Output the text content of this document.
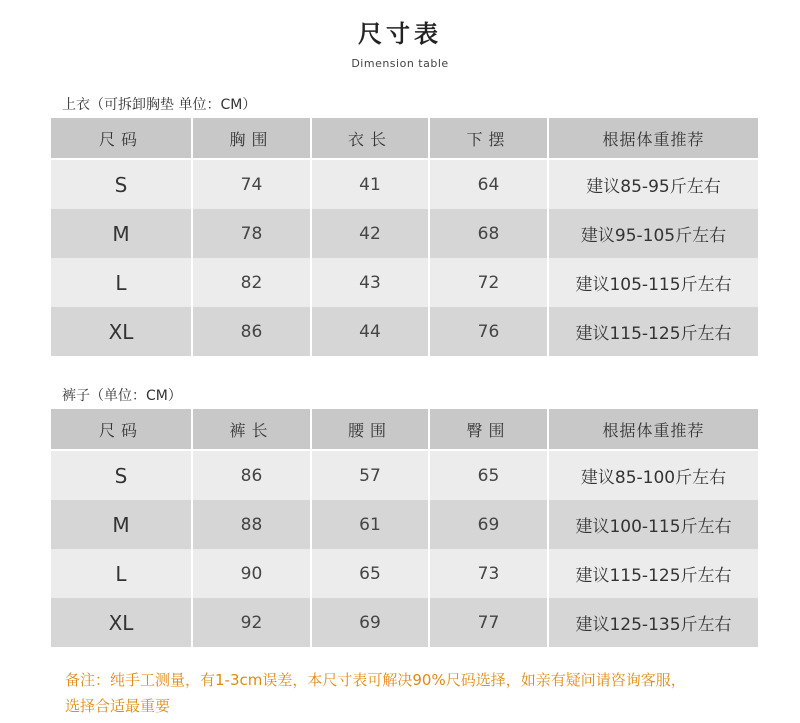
尺寸表
Dimension table
上衣（可拆卸胸垫 单位：CM）
尺码	胸围	衣长	下摆	根据体重推荐
S	74	41	64	建议85-95斤左右
M	78	42	68	建议95-105斤左右
L	82	43	72	建议105-115斤左右
XL	86	44	76	建议115-125斤左右
裤子（单位：CM）
尺码	裤长	腰围	臀围	根据体重推荐
S	86	57	65	建议85-100斤左右
M	88	61	69	建议100-115斤左右
L	90	65	73	建议115-125斤左右
XL	92	69	77	建议125-135斤左右
备注：纯手工测量，有1-3cm误差，本尺寸表可解决90%尺码选择，如亲有疑问请咨询客服，
选择合适最重要
